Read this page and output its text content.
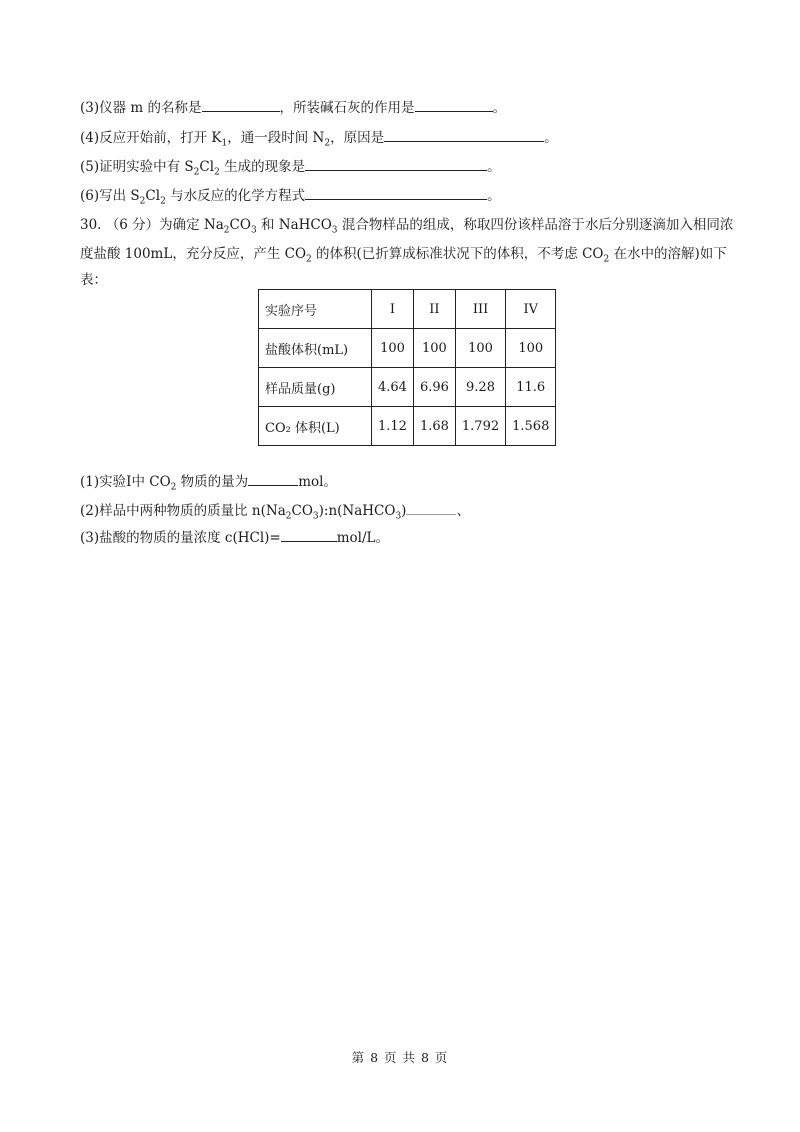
(3)仪器 m 的名称是	，所装碱石灰的作用是	。
(4)反应开始前，打开 $K_1$，通一段时间 $N_2$，原因是	。
(5)证明实验中有 $S_2Cl_2$ 生成的现象是	。
(6)写出 $S_2Cl_2$ 与水反应的化学方程式	。
30. （6 分）为确定 $Na_2CO_3$ 和 NaHCO$_3$ 混合物样品的组成，称取四份该样品溶于水后分别逐滴加入相同浓
度盐酸 100mL，充分反应，产生 $CO_2$ 的体积(已折算成标准状况下的体积，不考虑 $CO_2$ 在水中的溶解)如下
表：
实验序号	I	II	III	IV
盐酸体积(mL)	100	100	100	100
样品质量(g)	4.64	6.96	9.28	11.6
CO₂ 体积(L)	1.12	1.68	1.792	1.568
(1)实验I中 $CO_2$ 物质的量为	mol。
(2)样品中两种物质的质量比 $n(Na_2CO_3):n(NaHCO_3)$	、
(3)盐酸的物质的量浓度 c(HCl)=	mol/L。
第 8 页 共 8 页
